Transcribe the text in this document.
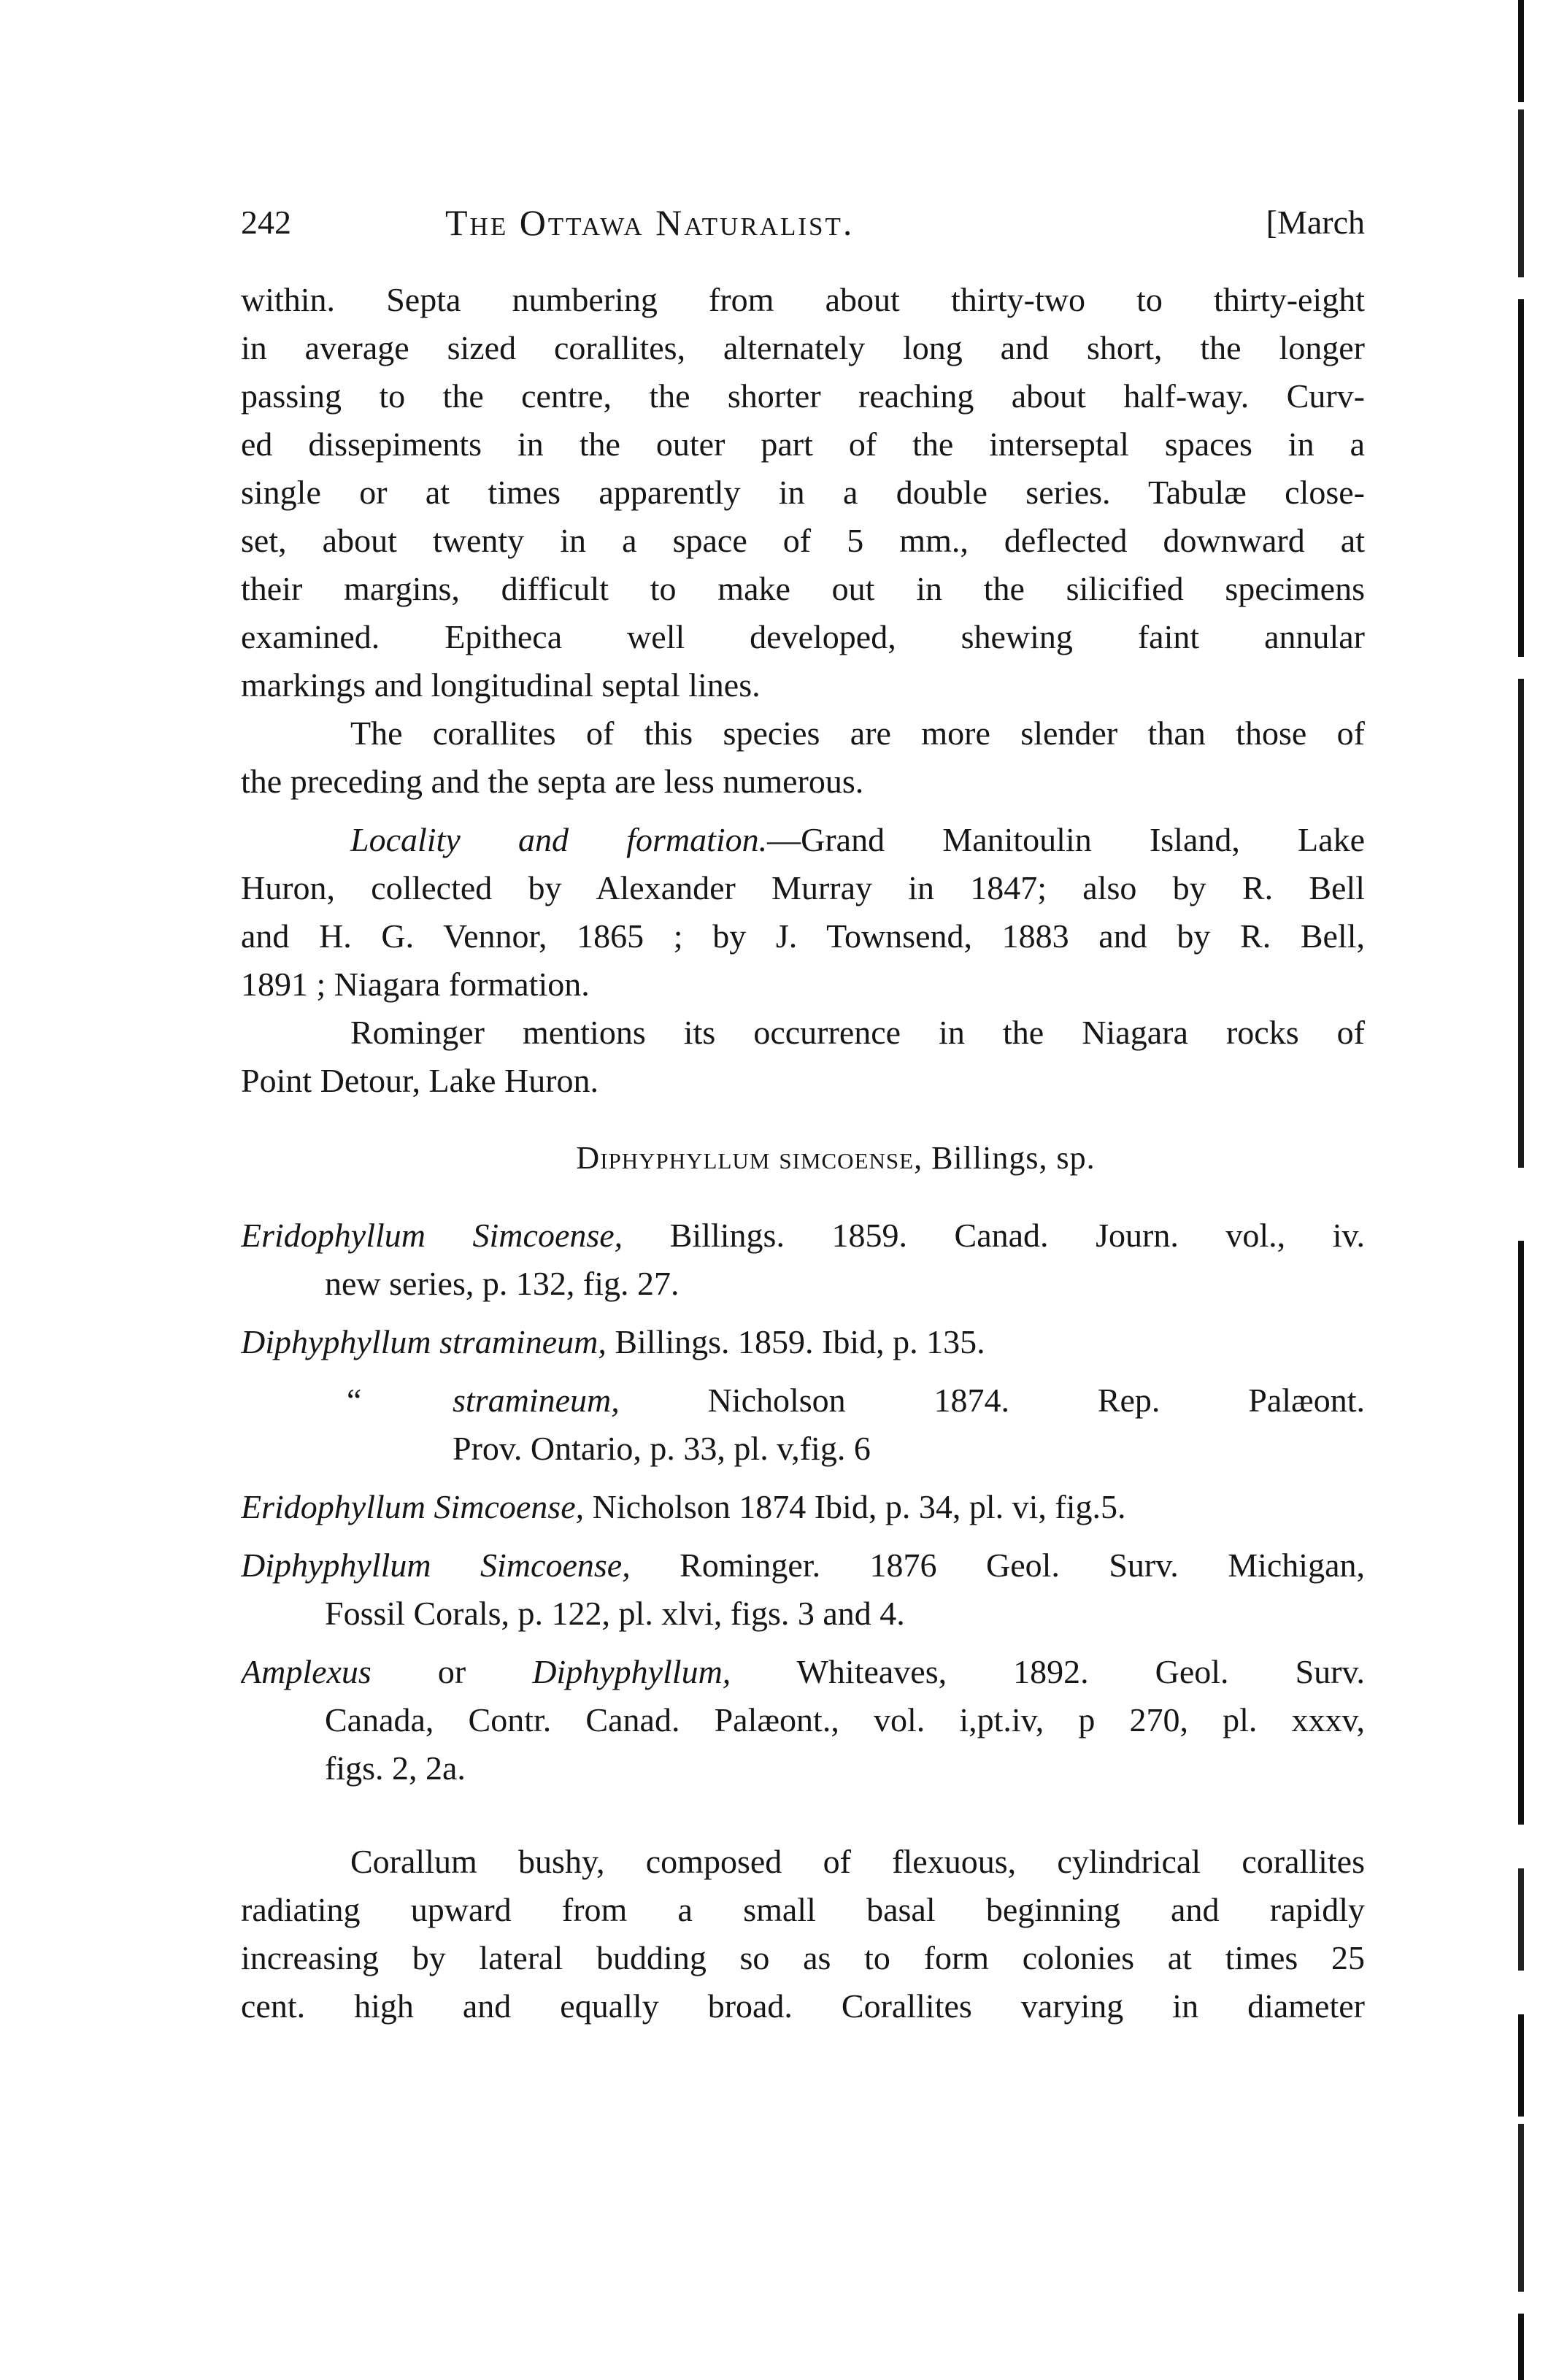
242	The Ottawa Naturalist.	[March
within. Septa numbering from about thirty-two to thirty-eight
in average sized corallites, alternately long and short, the longer
passing to the centre, the shorter reaching about half-way. Curv-
ed dissepiments in the outer part of the interseptal spaces in a
single or at times apparently in a double series. Tabulæ close-
set, about twenty in a space of 5 mm., deflected downward at
their margins, difficult to make out in the silicified specimens
examined. Epitheca well developed, shewing faint annular
markings and longitudinal septal lines.
The corallites of this species are more slender than those of
the preceding and the septa are less numerous.
Locality and formation.—Grand Manitoulin Island, Lake
Huron, collected by Alexander Murray in 1847; also by R. Bell
and H. G. Vennor, 1865 ; by J. Townsend, 1883 and by R. Bell,
1891 ; Niagara formation.
Rominger mentions its occurrence in the Niagara rocks of
Point Detour, Lake Huron.
Diphyphyllum simcoense, Billings, sp.
Eridophyllum Simcoense, Billings. 1859. Canad. Journ. vol., iv.
new series, p. 132, fig. 27.
Diphyphyllum stramineum, Billings. 1859. Ibid, p. 135.
“	stramineum, Nicholson 1874. Rep. Palæont.
Prov. Ontario, p. 33, pl. v,fig. 6
Eridophyllum Simcoense, Nicholson 1874 Ibid, p. 34, pl. vi, fig.5.
Diphyphyllum Simcoense, Rominger. 1876 Geol. Surv. Michigan,
Fossil Corals, p. 122, pl. xlvi, figs. 3 and 4.
Amplexus or Diphyphyllum, Whiteaves, 1892. Geol. Surv.
Canada, Contr. Canad. Palæont., vol. i,pt.iv, p 270, pl. xxxv,
figs. 2, 2a.
Corallum bushy, composed of flexuous, cylindrical corallites
radiating upward from a small basal beginning and rapidly
increasing by lateral budding so as to form colonies at times 25
cent. high and equally broad. Corallites varying in diameter
